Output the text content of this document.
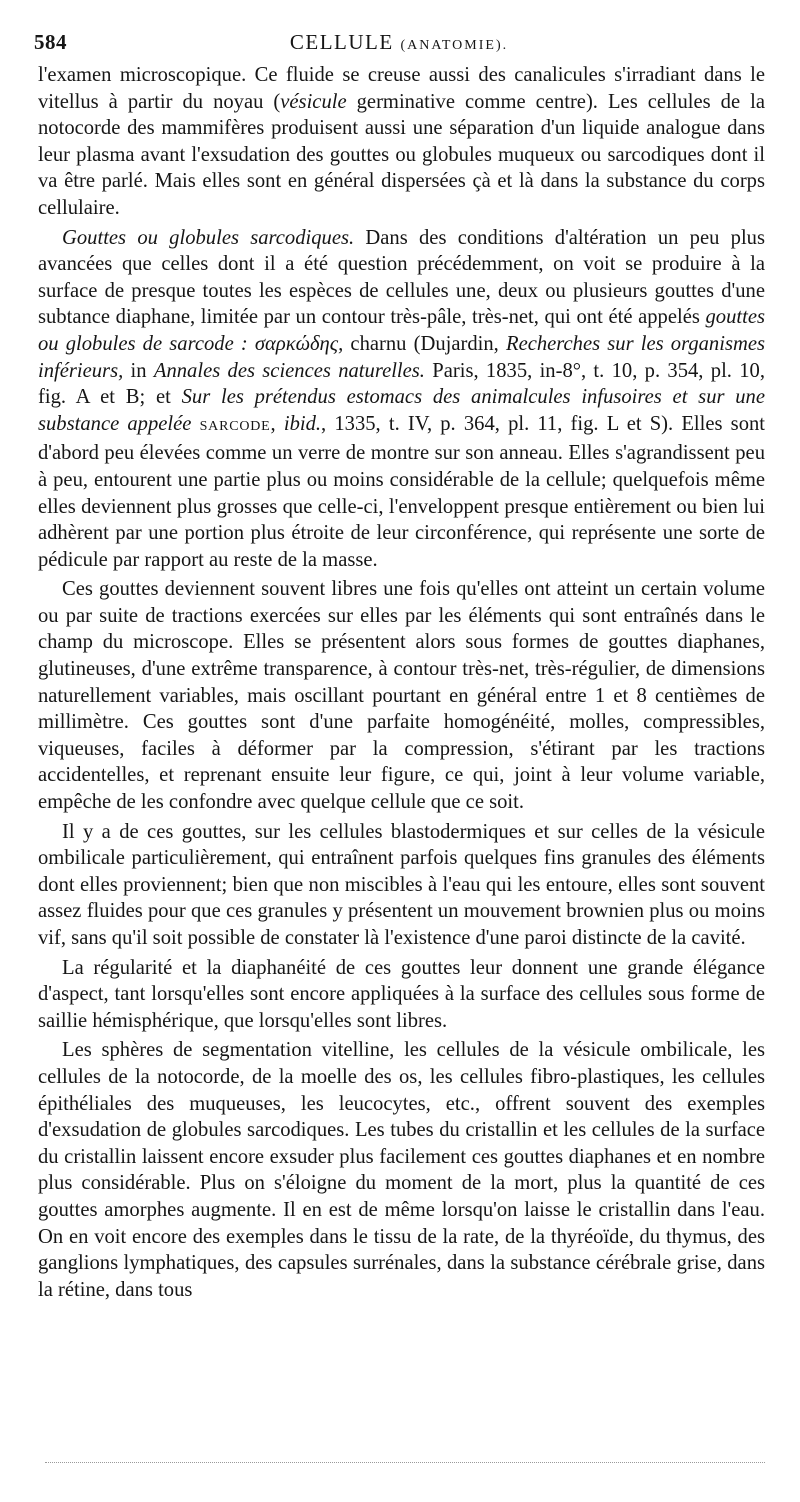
584	CELLULE (ANATOMIE).

l'examen microscopique. Ce fluide se creuse aussi des canalicules s'irradiant dans le vitellus à partir du noyau (vésicule germinative comme centre). Les cellules de la notocorde des mammifères produisent aussi une séparation d'un liquide analogue dans leur plasma avant l'exsudation des gouttes ou globules muqueux ou sarcodiques dont il va être parlé. Mais elles sont en général dispersées çà et là dans la substance du corps cellulaire.

Gouttes ou globules sarcodiques. Dans des conditions d'altération un peu plus avancées que celles dont il a été question précédemment, on voit se produire à la surface de presque toutes les espèces de cellules une, deux ou plusieurs gouttes d'une subtance diaphane, limitée par un contour très-pâle, très-net, qui ont été appelés gouttes ou globules de sarcode : σαρκώδης, charnu (Dujardin, Recherches sur les organismes inférieurs, in Annales des sciences naturelles. Paris, 1835, in-8°, t. 10, p. 354, pl. 10, fig. A et B; et Sur les prétendus estomacs des animalcules infusoires et sur une substance appelée SARCODE, ibid., 1335, t. IV, p. 364, pl. 11, fig. L et S). Elles sont d'abord peu élevées comme un verre de montre sur son anneau. Elles s'agrandissent peu à peu, entourent une partie plus ou moins considérable de la cellule; quelquefois même elles deviennent plus grosses que celle-ci, l'enveloppent presque entièrement ou bien lui adhèrent par une portion plus étroite de leur circonférence, qui représente une sorte de pédicule par rapport au reste de la masse.

Ces gouttes deviennent souvent libres une fois qu'elles ont atteint un certain volume ou par suite de tractions exercées sur elles par les éléments qui sont entraînés dans le champ du microscope. Elles se présentent alors sous formes de gouttes diaphanes, glutineuses, d'une extrême transparence, à contour très-net, très-régulier, de dimensions naturellement variables, mais oscillant pourtant en général entre 1 et 8 centièmes de millimètre. Ces gouttes sont d'une parfaite homogénéité, molles, compressibles, viqueuses, faciles à déformer par la compression, s'étirant par les tractions accidentelles, et reprenant ensuite leur figure, ce qui, joint à leur volume variable, empêche de les confondre avec quelque cellule que ce soit.

Il y a de ces gouttes, sur les cellules blastodermiques et sur celles de la vésicule ombilicale particulièrement, qui entraînent parfois quelques fins granules des éléments dont elles proviennent; bien que non miscibles à l'eau qui les entoure, elles sont souvent assez fluides pour que ces granules y présentent un mouvement brownien plus ou moins vif, sans qu'il soit possible de constater là l'existence d'une paroi distincte de la cavité.

La régularité et la diaphanéité de ces gouttes leur donnent une grande élégance d'aspect, tant lorsqu'elles sont encore appliquées à la surface des cellules sous forme de saillie hémisphérique, que lorsqu'elles sont libres.

Les sphères de segmentation vitelline, les cellules de la vésicule ombilicale, les cellules de la notocorde, de la moelle des os, les cellules fibro-plastiques, les cellules épithéliales des muqueuses, les leucocytes, etc., offrent souvent des exemples d'exsudation de globules sarcodiques. Les tubes du cristallin et les cellules de la surface du cristallin laissent encore exsuder plus facilement ces gouttes diaphanes et en nombre plus considérable. Plus on s'éloigne du moment de la mort, plus la quantité de ces gouttes amorphes augmente. Il en est de même lorsqu'on laisse le cristallin dans l'eau. On en voit encore des exemples dans le tissu de la rate, de la thyréoïde, du thymus, des ganglions lymphatiques, des capsules surrénales, dans la substance cérébrale grise, dans la rétine, dans tous
